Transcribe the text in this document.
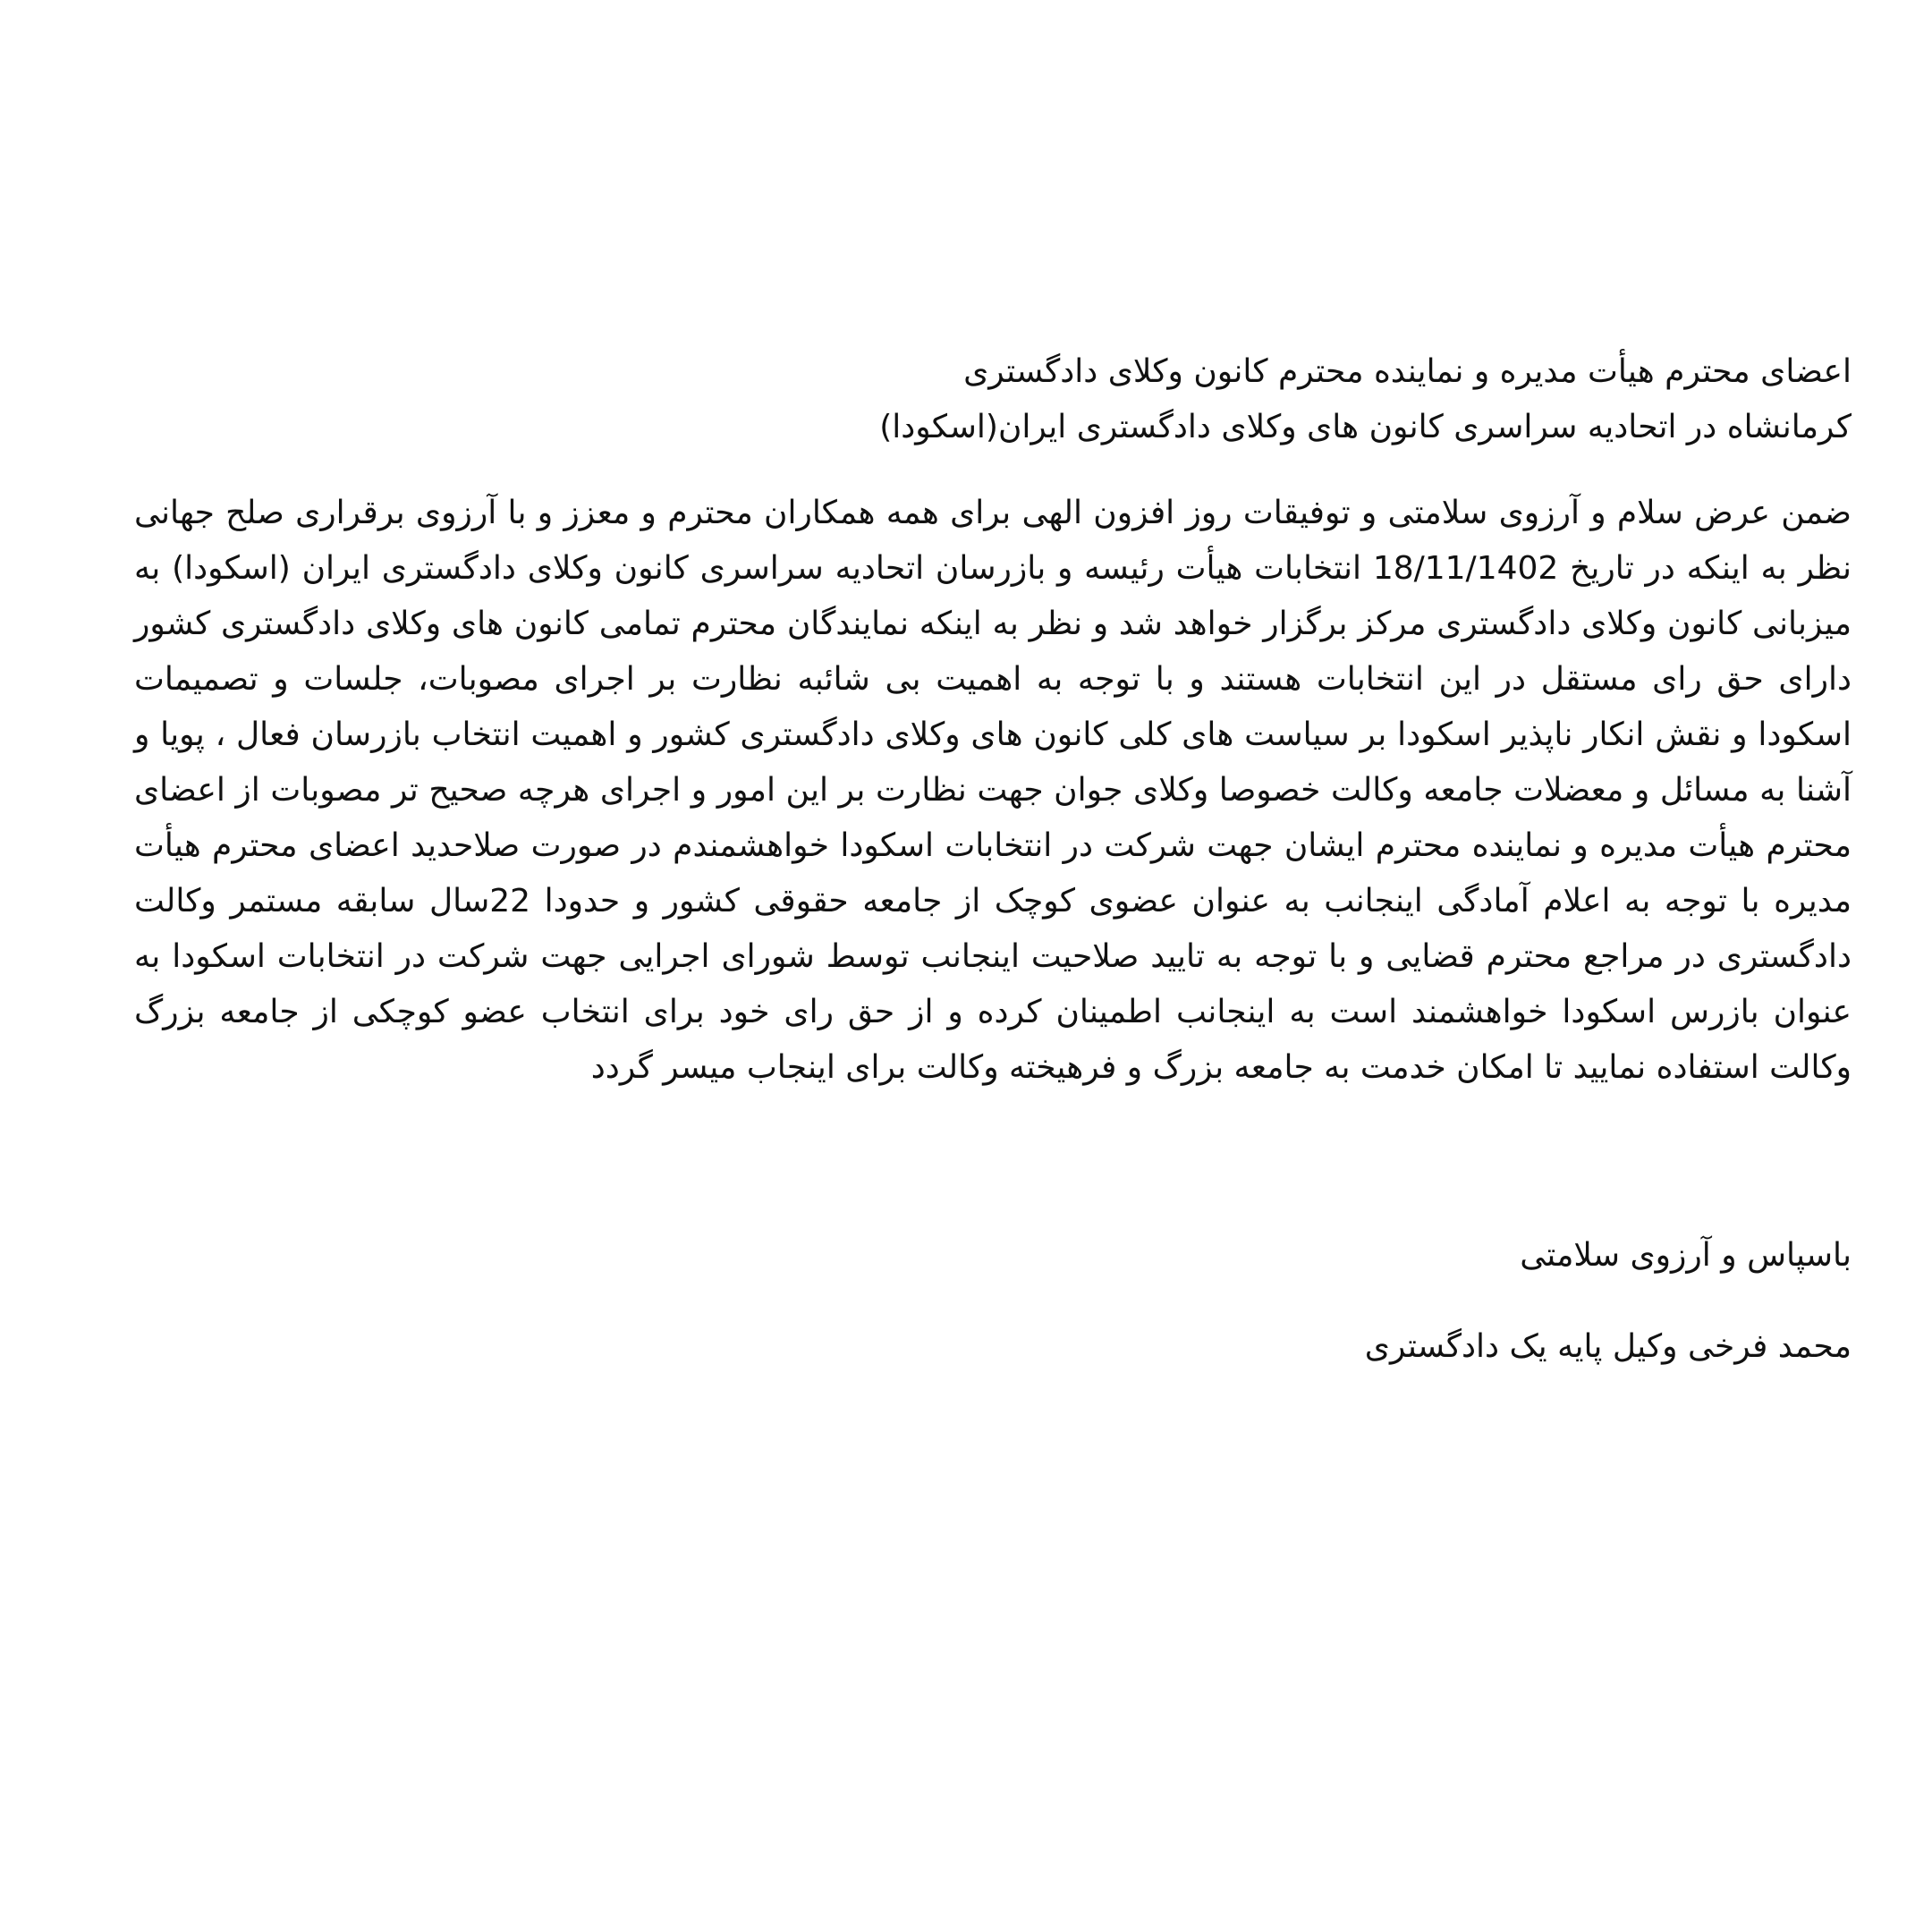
اعضای محترم هیأت مدیره و نماینده محترم کانون وکلای دادگستری
کرمانشاه در اتحادیه سراسری کانون های وکلای دادگستری ایران(اسکودا)

ضمن عرض سلام و آرزوی سلامتی و توفیقات روز افزون الهی برای همه همکاران محترم و معزز و با آرزوی برقراری صلح جهانی نظر به اینکه در تاریخ 18/11/1402 انتخابات هیأت رئیسه و بازرسان اتحادیه سراسری کانون وکلای دادگستری ایران (اسکودا) به میزبانی کانون وکلای دادگستری مرکز برگزار خواهد شد و نظر به اینکه نمایندگان محترم تمامی کانون های وکلای دادگستری کشور دارای حق رای مستقل در این انتخابات هستند و با توجه به اهمیت بی شائبه نظارت بر اجرای مصوبات، جلسات و تصمیمات اسکودا و نقش انکار ناپذیر اسکودا بر سیاست های کلی کانون های وکلای دادگستری کشور و اهمیت انتخاب بازرسان فعال ، پویا و آشنا به مسائل و معضلات جامعه وکالت خصوصا وکلای جوان جهت نظارت بر این امور و اجرای هرچه صحیح تر مصوبات از اعضای محترم هیأت مدیره و نماینده محترم ایشان جهت شرکت در انتخابات اسکودا خواهشمندم در صورت صلاحدید اعضای محترم هیأت مدیره با توجه به اعلام آمادگی اینجانب به عنوان عضوی کوچک از جامعه حقوقی کشور و حدودا 22سال سابقه مستمر وکالت دادگستری در مراجع محترم قضایی و با توجه به تایید صلاحیت اینجانب توسط شورای اجرایی جهت شرکت در انتخابات اسکودا به عنوان بازرس اسکودا خواهشمند است به اینجانب اطمینان کرده و از حق رای خود برای انتخاب عضو کوچکی از جامعه بزرگ وکالت استفاده نمایید تا امکان خدمت به جامعه بزرگ و فرهیخته وکالت برای اینجاب میسر گردد

باسپاس و آرزوی سلامتی

محمد فرخی وکیل پایه یک دادگستری
